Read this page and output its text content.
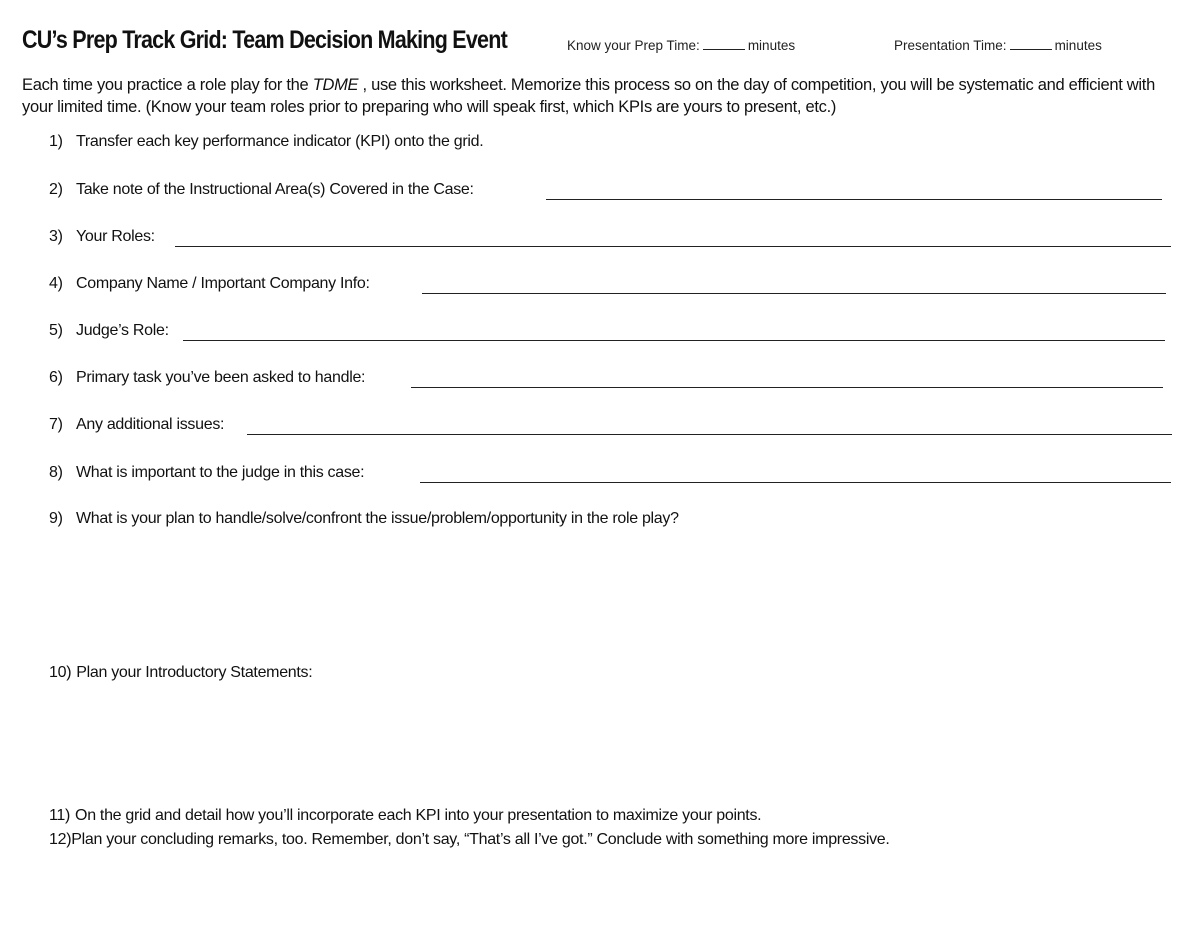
CU’s Prep Track Grid: Team Decision Making Event	Know your Prep Time:	minutes	Presentation Time:	minutes
Each time you practice a role play for the TDME , use this worksheet. Memorize this process so on the day of competition, you will be systematic and efficient with your limited time. (Know your team roles prior to preparing who will speak first, which KPIs are yours to present, etc.)
1) Transfer each key performance indicator (KPI) onto the grid.
2) Take note of the Instructional Area(s) Covered in the Case:
3) Your Roles:
4) Company Name / Important Company Info:
5) Judge’s Role:
6) Primary task you’ve been asked to handle:
7) Any additional issues:
8) What is important to the judge in this case:
9) What is your plan to handle/solve/confront the issue/problem/opportunity in the role play?
10) Plan your Introductory Statements:
11) On the grid and detail how you’ll incorporate each KPI into your presentation to maximize your points.
12) Plan your concluding remarks, too. Remember, don’t say, “That’s all I’ve got.” Conclude with something more impressive.
